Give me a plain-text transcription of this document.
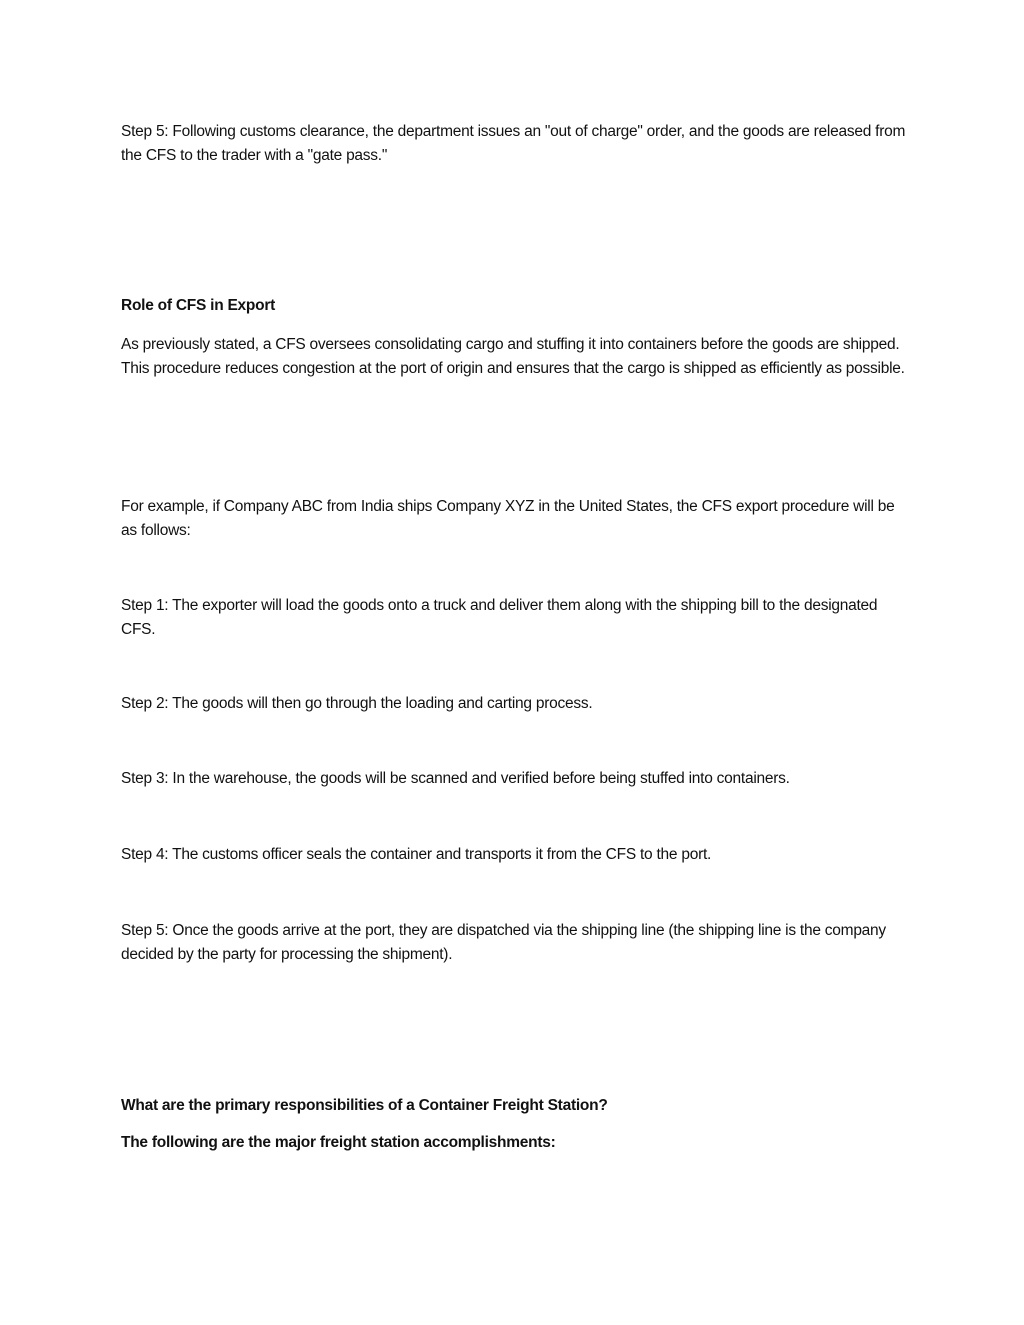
Step 5: Following customs clearance, the department issues an "out of charge" order, and the goods are released from the CFS to the trader with a "gate pass."

Role of CFS in Export

As previously stated, a CFS oversees consolidating cargo and stuffing it into containers before the goods are shipped. This procedure reduces congestion at the port of origin and ensures that the cargo is shipped as efficiently as possible.

For example, if Company ABC from India ships Company XYZ in the United States, the CFS export procedure will be as follows:

Step 1: The exporter will load the goods onto a truck and deliver them along with the shipping bill to the designated CFS.

Step 2: The goods will then go through the loading and carting process.

Step 3: In the warehouse, the goods will be scanned and verified before being stuffed into containers.

Step 4: The customs officer seals the container and transports it from the CFS to the port.

Step 5: Once the goods arrive at the port, they are dispatched via the shipping line (the shipping line is the company decided by the party for processing the shipment).

What are the primary responsibilities of a Container Freight Station?

The following are the major freight station accomplishments:
